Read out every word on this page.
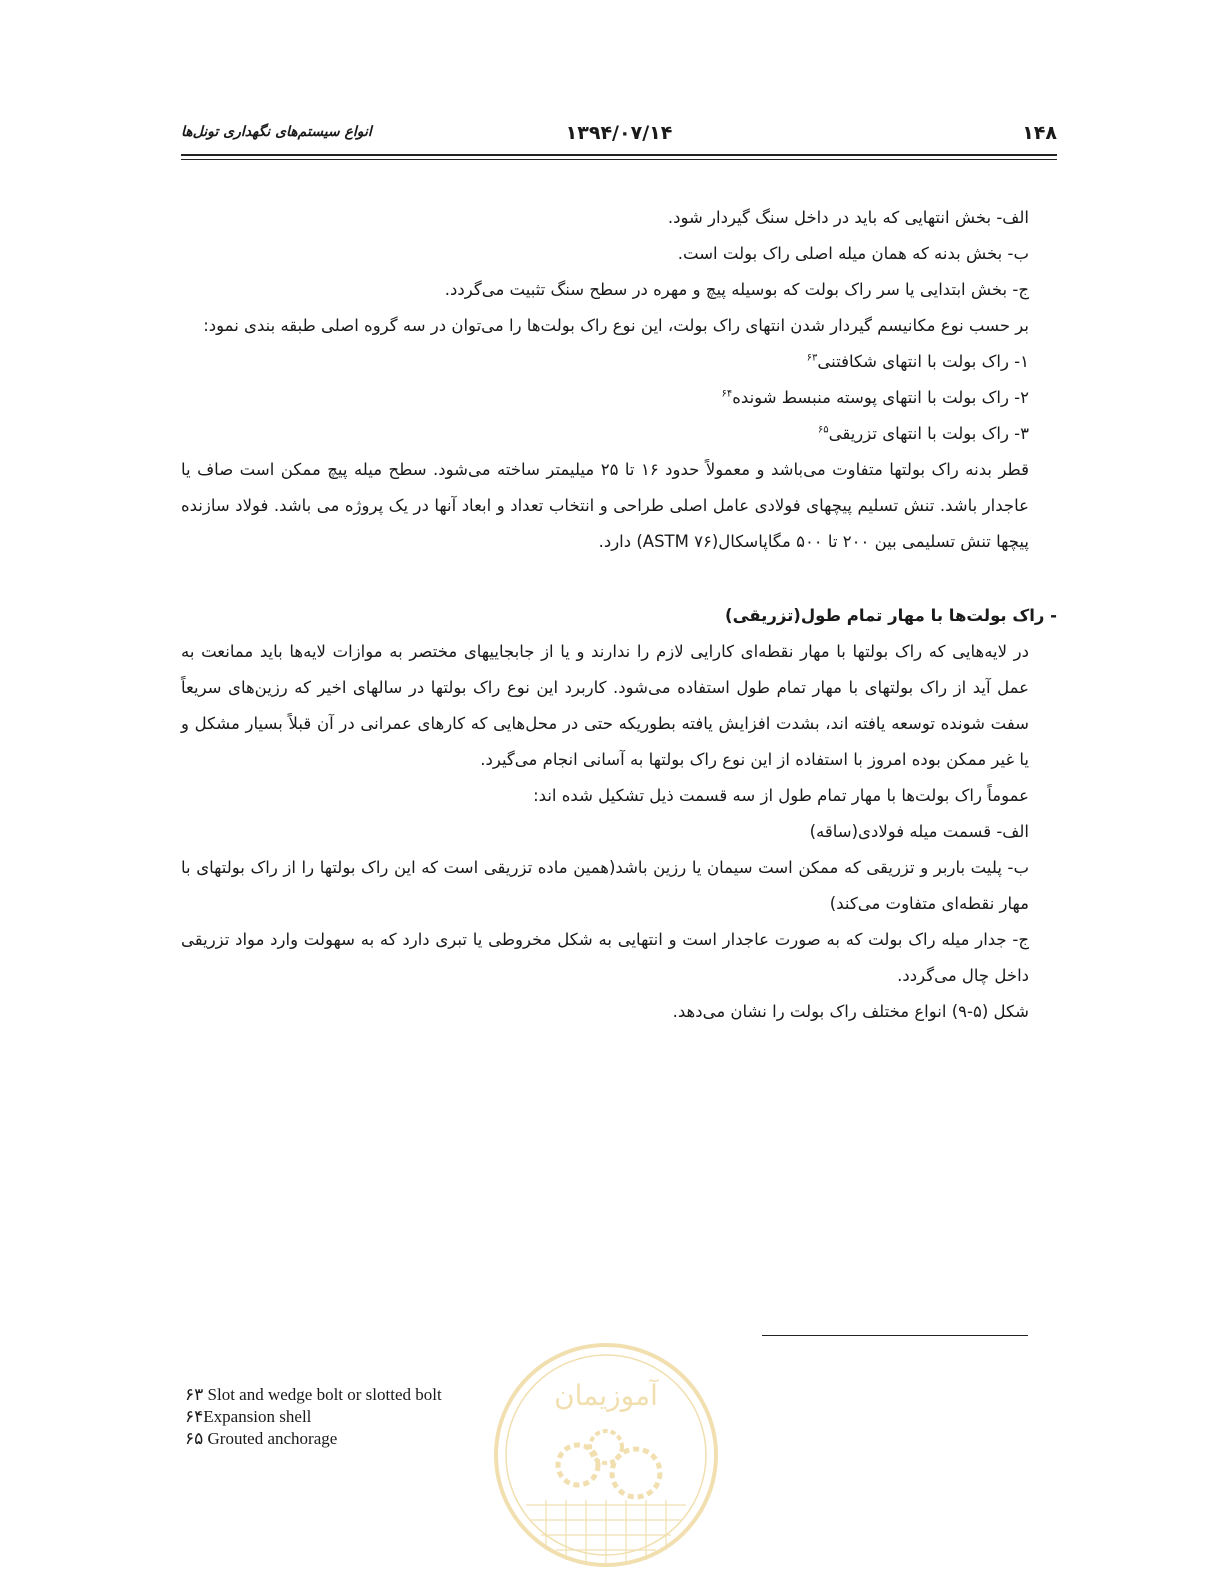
۱۴۸
۱۳۹۴/۰۷/۱۴
انواع سیستم‌های نگهداری تونل‌ها

الف- بخش انتهایی که باید در داخل سنگ گیردار شود.

ب- بخش بدنه که همان میله اصلی راک بولت است.

ج- بخش ابتدایی یا سر راک بولت که بوسیله پیچ و مهره در سطح سنگ تثبیت می‌گردد.

بر حسب نوع مکانیسم گیردار شدن انتهای راک بولت، این نوع راک بولت‌ها را می‌توان در سه گروه اصلی طبقه بندی نمود:

۱- راک بولت با انتهای شکافتنی$^{۶۳}$

۲- راک بولت با انتهای پوسته منبسط شونده$^{۶۴}$

۳- راک بولت با انتهای تزریقی$^{۶۵}$

قطر بدنه راک بولتها متفاوت می‌باشد و معمولاً حدود ۱۶ تا ۲۵ میلیمتر ساخته می‌شود. سطح میله پیچ ممکن است صاف یا عاجدار باشد. تنش تسلیم پیچهای فولادی عامل اصلی طراحی و انتخاب تعداد و ابعاد آنها در یک پروژه می باشد. فولاد سازنده پیچها تنش تسلیمی بین ۲۰۰ تا ۵۰۰ مگاپاسکال(ASTM ۷۶) دارد.

- راک بولت‌ها با مهار تمام طول(تزریقی)

در لایه‌هایی که راک بولتها با مهار نقطه‌ای کارایی لازم را ندارند و یا از جابجاییهای مختصر به موازات لایه‌ها باید ممانعت به عمل آید از راک بولتهای با مهار تمام طول استفاده می‌شود. کاربرد این نوع راک بولتها در سالهای اخیر که رزین‌های سریعاً سفت شونده توسعه یافته اند، بشدت افزایش یافته بطوریکه حتی در محل‌هایی که کارهای عمرانی در آن قبلاً بسیار مشکل و یا غیر ممکن بوده امروز با استفاده از این نوع راک بولتها به آسانی انجام می‌گیرد.

عموماً راک بولت‌ها با مهار تمام طول از سه قسمت ذیل تشکیل شده اند:

الف- قسمت میله فولادی(ساقه)

ب- پلیت باربر و تزریقی که ممکن است سیمان یا رزین باشد(همین ماده تزریقی است که این راک بولتها را از راک بولتهای با مهار نقطه‌ای متفاوت می‌کند)

ج- جدار میله راک بولت که به صورت عاجدار است و انتهایی به شکل مخروطی یا تبری دارد که به سهولت وارد مواد تزریقی داخل چال می‌گردد.

شکل (۵-۹) انواع مختلف راک بولت را نشان می‌دهد.

۶۳ Slot and wedge bolt or slotted bolt
۶۴Expansion shell
۶۵ Grouted anchorage
آموزیمان
